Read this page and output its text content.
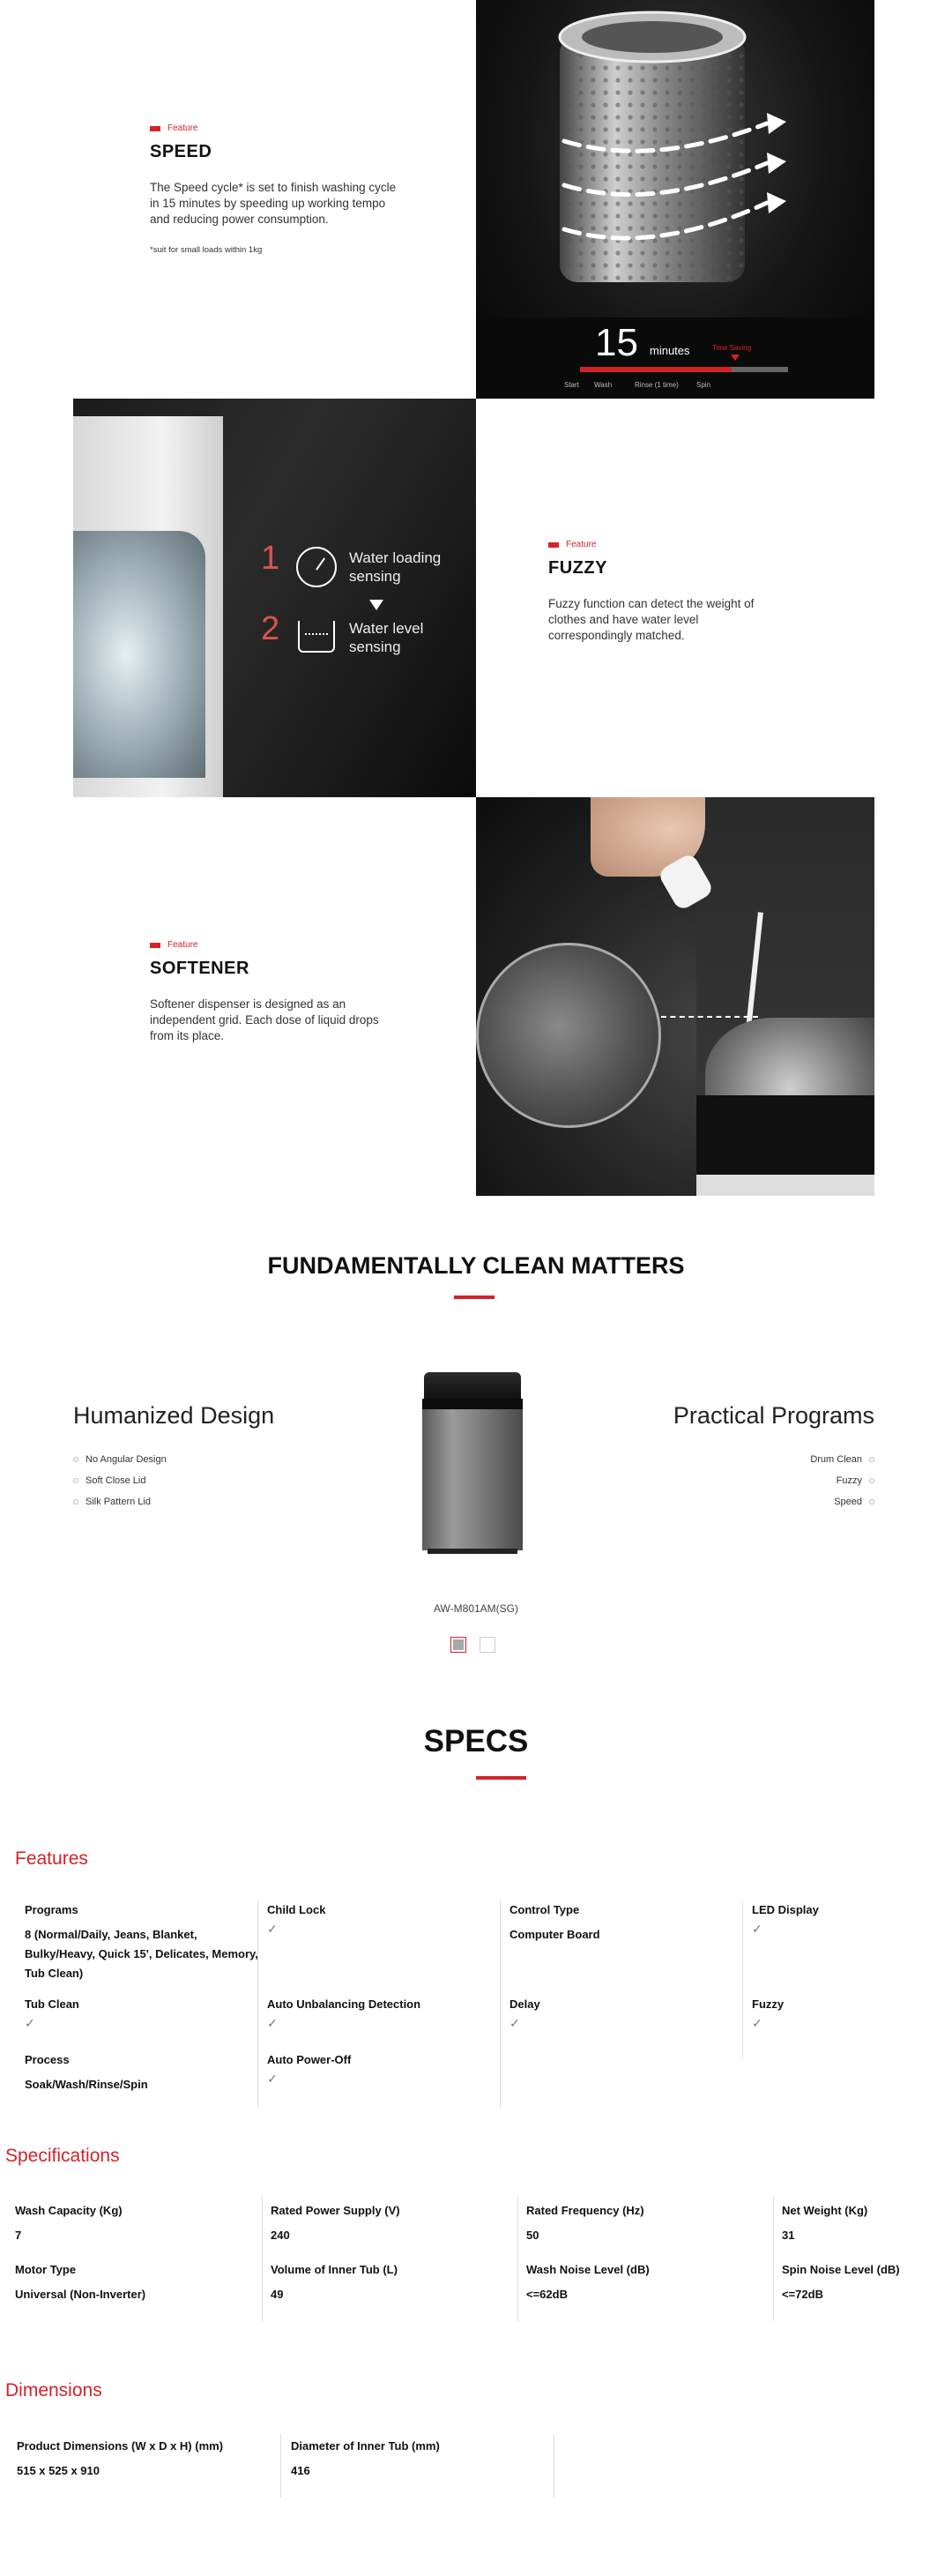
Feature
SPEED
The Speed cycle* is set to finish washing cycle in 15 minutes by speeding up working tempo and reducing power consumption.
*suit for small loads within 1kg
15 minutes	Time Saving
Start Wash	Rinse (1 time)	Spin
1	Water loading sensing
2	Water level sensing
Feature
FUZZY
Fuzzy function can detect the weight of clothes and have water level correspondingly matched.
Feature
SOFTENER
Softener dispenser is designed as an independent grid. Each dose of liquid drops from its place.
FUNDAMENTALLY CLEAN MATTERS
Humanized Design
No Angular Design
Soft Close Lid
Silk Pattern Lid
Practical Programs
Drum Clean
Fuzzy
Speed
AW-M801AM(SG)
SPECS
Features
Programs
8 (Normal/Daily, Jeans, Blanket, Bulky/Heavy, Quick 15', Delicates, Memory, Tub Clean)
Child Lock
✓
Control Type
Computer Board
LED Display
✓
Tub Clean
✓
Auto Unbalancing Detection
✓
Delay
✓
Fuzzy
✓
Process
Soak/Wash/Rinse/Spin
Auto Power-Off
✓
Specifications
Wash Capacity (Kg)
7
Rated Power Supply (V)
240
Rated Frequency (Hz)
50
Net Weight (Kg)
31
Motor Type
Universal (Non-Inverter)
Volume of Inner Tub (L)
49
Wash Noise Level (dB)
<=62dB
Spin Noise Level (dB)
<=72dB
Dimensions
Product Dimensions (W x D x H) (mm)
515 x 525 x 910
Diameter of Inner Tub (mm)
416
